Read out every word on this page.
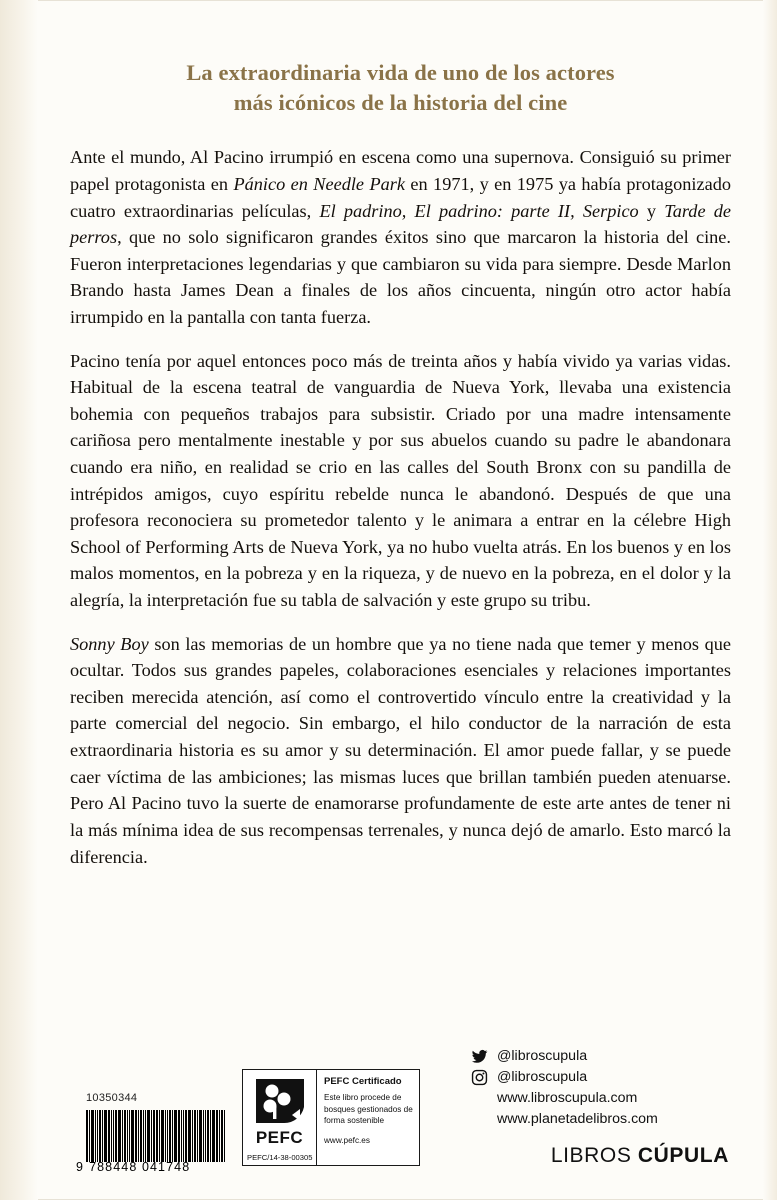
La extraordinaria vida de uno de los actores
más icónicos de la historia del cine

Ante el mundo, Al Pacino irrumpió en escena como una supernova. Consiguió su primer papel protagonista en Pánico en Needle Park en 1971, y en 1975 ya había protagonizado cuatro extraordinarias películas, El padrino, El padrino: parte II, Serpico y Tarde de perros, que no solo significaron grandes éxitos sino que marcaron la historia del cine. Fueron interpretaciones legendarias y que cambiaron su vida para siempre. Desde Marlon Brando hasta James Dean a finales de los años cincuenta, ningún otro actor había irrumpido en la pantalla con tanta fuerza.

Pacino tenía por aquel entonces poco más de treinta años y había vivido ya varias vidas. Habitual de la escena teatral de vanguardia de Nueva York, llevaba una existencia bohemia con pequeños trabajos para subsistir. Criado por una madre intensamente cariñosa pero mentalmente inestable y por sus abuelos cuando su padre le abandonara cuando era niño, en realidad se crio en las calles del South Bronx con su pandilla de intrépidos amigos, cuyo espíritu rebelde nunca le abandonó. Después de que una profesora reconociera su prometedor talento y le animara a entrar en la célebre High School of Performing Arts de Nueva York, ya no hubo vuelta atrás. En los buenos y en los malos momentos, en la pobreza y en la riqueza, y de nuevo en la pobreza, en el dolor y la alegría, la interpretación fue su tabla de salvación y este grupo su tribu.

Sonny Boy son las memorias de un hombre que ya no tiene nada que temer y menos que ocultar. Todos sus grandes papeles, colaboraciones esenciales y relaciones importantes reciben merecida atención, así como el controvertido vínculo entre la creatividad y la parte comercial del negocio. Sin embargo, el hilo conductor de la narración de esta extraordinaria historia es su amor y su determinación. El amor puede fallar, y se puede caer víctima de las ambiciones; las mismas luces que brillan también pueden atenuarse. Pero Al Pacino tuvo la suerte de enamorarse profundamente de este arte antes de tener ni la más mínima idea de sus recompensas terrenales, y nunca dejó de amarlo. Esto marcó la diferencia.

10350344
9 788448 041748
PEFC
PEFC/14-38-00305
PEFC Certificado
Este libro procede de bosques gestionados de forma sostenible
www.pefc.es
@libroscupula
@libroscupula
www.libroscupula.com
www.planetadelibros.com
LIBROS CÚPULA
